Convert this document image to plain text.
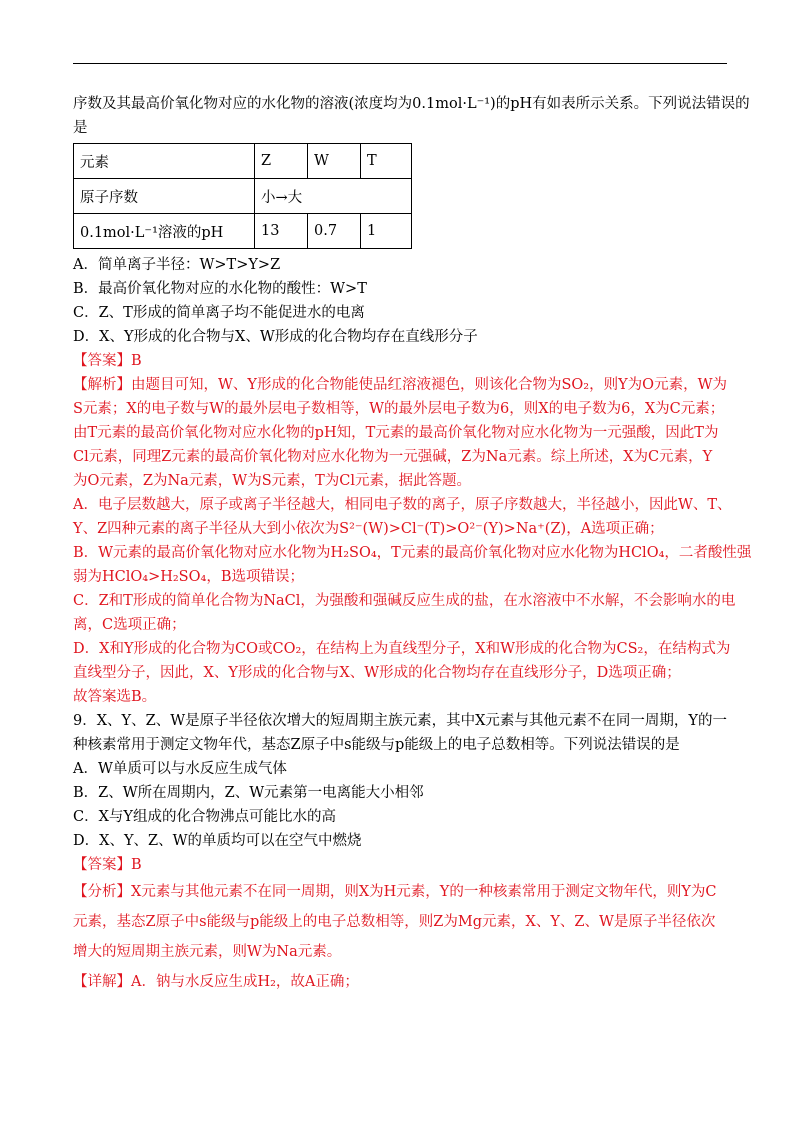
序数及其最高价氧化物对应的水化物的溶液(浓度均为0.1mol·L⁻¹)的pH有如表所示关系。下列说法错误的
是
元素	Z	W	T
原子序数	小→大		
0.1mol·L⁻¹溶液的pH	13	0.7	1
A．简单离子半径：W>T>Y>Z
B．最高价氧化物对应的水化物的酸性：W>T
C．Z、T形成的简单离子均不能促进水的电离
D．X、Y形成的化合物与X、W形成的化合物均存在直线形分子
【答案】B
【解析】由题目可知，W、Y形成的化合物能使品红溶液褪色，则该化合物为SO₂，则Y为O元素，W为
S元素；X的电子数与W的最外层电子数相等，W的最外层电子数为6，则X的电子数为6，X为C元素；
由T元素的最高价氧化物对应水化物的pH知，T元素的最高价氧化物对应水化物为一元强酸，因此T为
Cl元素，同理Z元素的最高价氧化物对应水化物为一元强碱，Z为Na元素。综上所述，X为C元素，Y
为O元素，Z为Na元素，W为S元素，T为Cl元素，据此答题。
A．电子层数越大，原子或离子半径越大，相同电子数的离子，原子序数越大，半径越小，因此W、T、
Y、Z四种元素的离子半径从大到小依次为S²⁻(W)>Cl⁻(T)>O²⁻(Y)>Na⁺(Z)，A选项正确；
B．W元素的最高价氧化物对应水化物为H₂SO₄，T元素的最高价氧化物对应水化物为HClO₄，二者酸性强
弱为HClO₄>H₂SO₄，B选项错误；
C．Z和T形成的简单化合物为NaCl，为强酸和强碱反应生成的盐，在水溶液中不水解，不会影响水的电
离，C选项正确；
D．X和Y形成的化合物为CO或CO₂，在结构上为直线型分子，X和W形成的化合物为CS₂，在结构式为
直线型分子，因此，X、Y形成的化合物与X、W形成的化合物均存在直线形分子，D选项正确；
故答案选B。
9．X、Y、Z、W是原子半径依次增大的短周期主族元素，其中X元素与其他元素不在同一周期，Y的一
种核素常用于测定文物年代，基态Z原子中s能级与p能级上的电子总数相等。下列说法错误的是
A．W单质可以与水反应生成气体
B．Z、W所在周期内，Z、W元素第一电离能大小相邻
C．X与Y组成的化合物沸点可能比水的高
D．X、Y、Z、W的单质均可以在空气中燃烧
【答案】B
【分析】X元素与其他元素不在同一周期，则X为H元素，Y的一种核素常用于测定文物年代，则Y为C
元素，基态Z原子中s能级与p能级上的电子总数相等，则Z为Mg元素，X、Y、Z、W是原子半径依次
增大的短周期主族元素，则W为Na元素。
【详解】A．钠与水反应生成H₂，故A正确；
